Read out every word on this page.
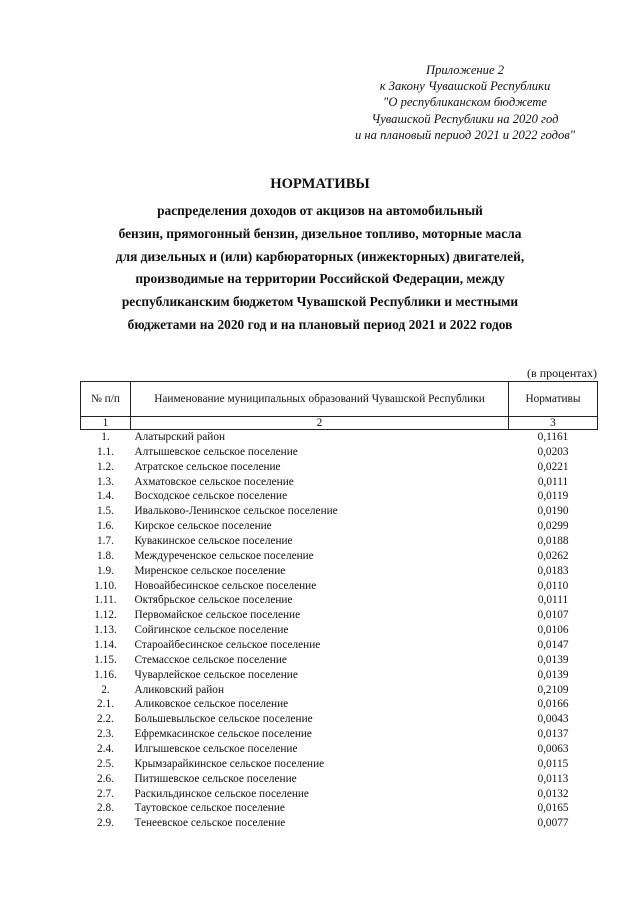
Приложение 2
к Закону Чувашской Республики
"О республиканском бюджете
Чувашской Республики на 2020 год
и на плановый период 2021 и 2022 годов"
НОРМАТИВЫ
распределения доходов от акцизов на автомобильный
бензин, прямогонный бензин, дизельное топливо, моторные масла
для дизельных и (или) карбюраторных (инжекторных) двигателей,
производимые на территории Российской Федерации, между
республиканским бюджетом Чувашской Республики и местными
бюджетами на 2020 год и на плановый период 2021 и 2022 годов
(в процентах)
№ п/п	Наименование муниципальных образований Чувашской Республики	Нормативы
1	2	3
1.	Алатырский район	0,1161
1.1.	Алтышевское сельское поселение	0,0203
1.2.	Атратское сельское поселение	0,0221
1.3.	Ахматовское сельское поселение	0,0111
1.4.	Восходское сельское поселение	0,0119
1.5.	Ивальково-Ленинское сельское поселение	0,0190
1.6.	Кирское сельское поселение	0,0299
1.7.	Кувакинское сельское поселение	0,0188
1.8.	Междуреченское сельское поселение	0,0262
1.9.	Миренское сельское поселение	0,0183
1.10.	Новоайбесинское сельское поселение	0,0110
1.11.	Октябрьское сельское поселение	0,0111
1.12.	Первомайское сельское поселение	0,0107
1.13.	Сойгинское сельское поселение	0,0106
1.14.	Староайбесинское сельское поселение	0,0147
1.15.	Стемасское сельское поселение	0,0139
1.16.	Чуварлейское сельское поселение	0,0139
2.	Аликовский район	0,2109
2.1.	Аликовское сельское поселение	0,0166
2.2.	Большевыльское сельское поселение	0,0043
2.3.	Ефремкасинское сельское поселение	0,0137
2.4.	Илгышевское сельское поселение	0,0063
2.5.	Крымзарайкинское сельское поселение	0,0115
2.6.	Питишевское сельское поселение	0,0113
2.7.	Раскильдинское сельское поселение	0,0132
2.8.	Таутовское сельское поселение	0,0165
2.9.	Тенеевское сельское поселение	0,0077
